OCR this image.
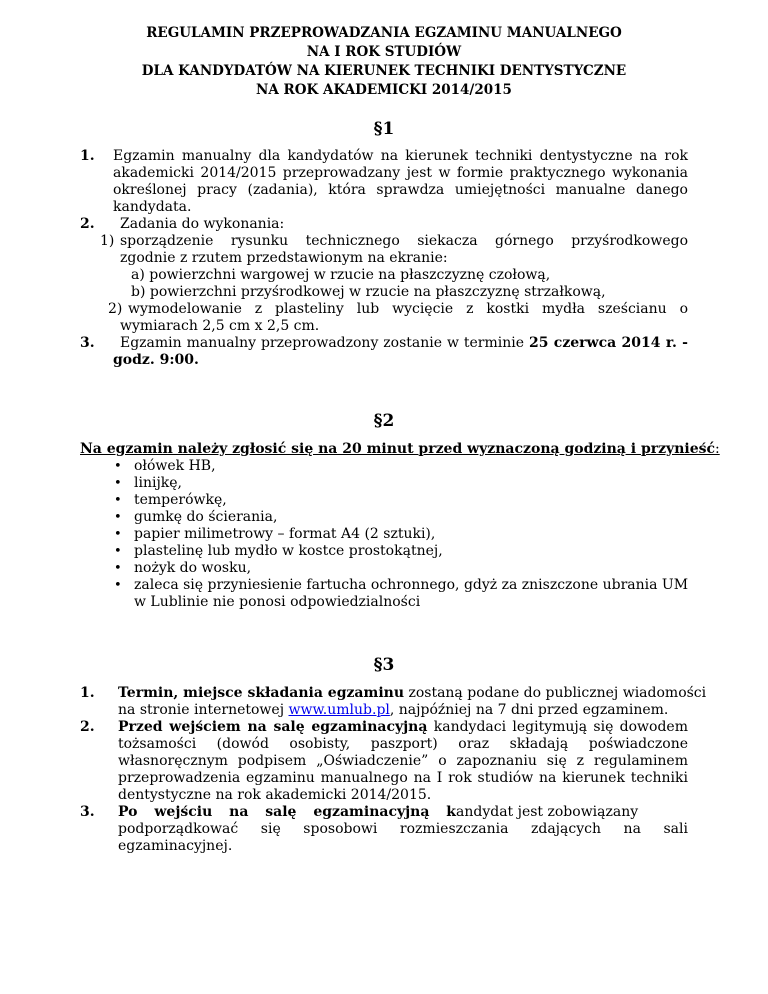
REGULAMIN PRZEPROWADZANIA EGZAMINU MANUALNEGO
NA I ROK STUDIÓW
DLA KANDYDATÓW NA KIERUNEK TECHNIKI DENTYSTYCZNE
NA ROK AKADEMICKI 2014/2015
§1
1. Egzamin manualny dla kandydatów na kierunek techniki dentystyczne na rok
akademicki 2014/2015 przeprowadzany jest w formie praktycznego wykonania
określonej pracy (zadania), która sprawdza umiejętności manualne danego
kandydata.
2. Zadania do wykonania:
1) sporządzenie rysunku technicznego siekacza górnego przyśrodkowego
zgodnie z rzutem przedstawionym na ekranie:
a) powierzchni wargowej w rzucie na płaszczyznę czołową,
b) powierzchni przyśrodkowej w rzucie na płaszczyznę strzałkową,
2) wymodelowanie z plasteliny lub wycięcie z kostki mydła sześcianu o
wymiarach 2,5 cm x 2,5 cm.
3. Egzamin manualny przeprowadzony zostanie w terminie 25 czerwca 2014 r. -
godz. 9:00.
§2
Na egzamin należy zgłosić się na 20 minut przed wyznaczoną godziną i przynieść:
• ołówek HB,
• linijkę,
• temperówkę,
• gumkę do ścierania,
• papier milimetrowy – format A4 (2 sztuki),
• plastelinę lub mydło w kostce prostokątnej,
• nożyk do wosku,
• zaleca się przyniesienie fartucha ochronnego, gdyż za zniszczone ubrania UM
w Lublinie nie ponosi odpowiedzialności
§3
1. Termin, miejsce składania egzaminu zostaną podane do publicznej wiadomości
na stronie internetowej www.umlub.pl, najpóźniej na 7 dni przed egzaminem.
2. Przed wejściem na salę egzaminacyjną kandydaci legitymują się dowodem
tożsamości (dowód osobisty, paszport) oraz składają poświadczone
własnoręcznym podpisem „Oświadczenie” o zapoznaniu się z regulaminem
przeprowadzenia egzaminu manualnego na I rok studiów na kierunek techniki
dentystyczne na rok akademicki 2014/2015.
3. Po wejściu na salę egzaminacyjną kandydat jest zobowiązany
podporządkować się sposobowi rozmieszczania zdających na sali
egzaminacyjnej.
